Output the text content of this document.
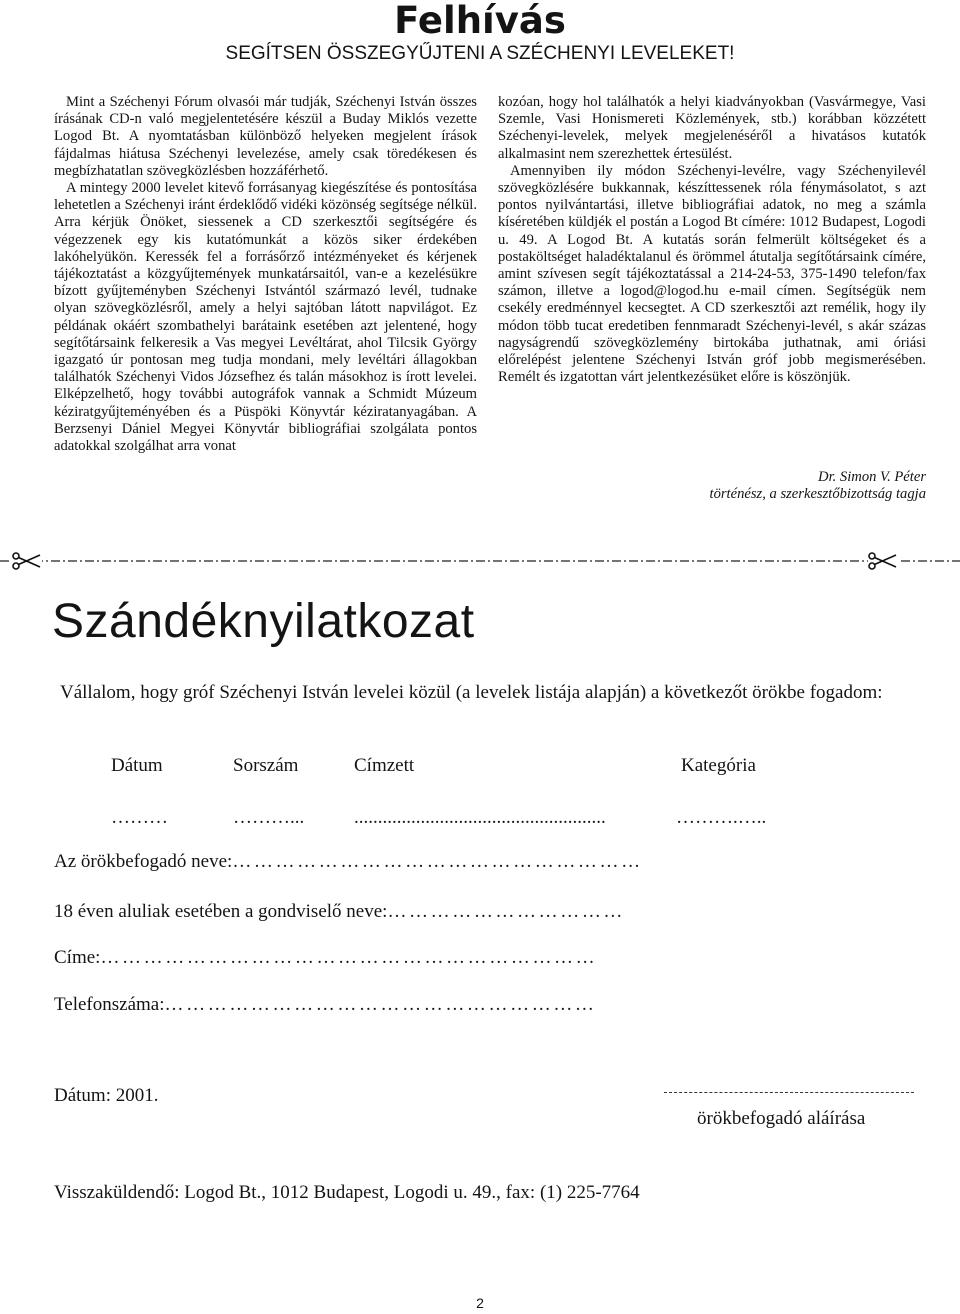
Felhívás
SEGÍTSEN ÖSSZEGYŰJTENI A SZÉCHENYI LEVELEKET!

Mint a Széchenyi Fórum olvasói már tudják, Széchenyi István összes írásának CD-n való megjelentetésére készül a Buday Miklós vezette Logod Bt. A nyomtatásban különböző helyeken megjelent írások fájdalmas hiátusa Széchenyi levelezése, amely csak töredékesen és megbízhatatlan szövegközlésben hozzáférhető.

A mintegy 2000 levelet kitevő forrásanyag kiegészítése és pontosítása lehetetlen a Széchenyi iránt érdeklődő vidéki közönség segítsége nélkül. Arra kérjük Önöket, siessenek a CD szerkesztői segítségére és végezzenek egy kis kutatómunkát a közös siker érdekében lakóhelyükön. Keressék fel a forrásőrző intézményeket és kérjenek tájékoztatást a közgyűjtemények munkatársaitól, van-e a kezelésükre bízott gyűjteményben Széchenyi Istvántól származó levél, tudnake olyan szövegközlésről, amely a helyi sajtóban látott napvilágot. Ez példának okáért szombathelyi barátaink esetében azt jelentené, hogy segítőtársaink felkeresik a Vas megyei Levéltárat, ahol Tilcsik György igazgató úr pontosan meg tudja mondani, mely levéltári állagokban találhatók Széchenyi Vidos Józsefhez és talán másokhoz is írott levelei. Elképzelhető, hogy további autográfok vannak a Schmidt Múzeum kéziratgyűjteményében és a Püspöki Könyvtár kéziratanyagában. A Berzsenyi Dániel Megyei Könyvtár bibliográfiai szolgálata pontos adatokkal szolgálhat arra vonat

kozóan, hogy hol találhatók a helyi kiadványokban (Vasvármegye, Vasi Szemle, Vasi Honismereti Közlemények, stb.) korábban közzétett Széchenyi-levelek, melyek megjelenéséről a hivatásos kutatók alkalmasint nem szerezhettek értesülést.

Amennyiben ily módon Széchenyi-levélre, vagy Széchenyilevél szövegközlésére bukkannak, készíttessenek róla fénymásolatot, s azt pontos nyilvántartási, illetve bibliográfiai adatok, no meg a számla kíséretében küldjék el postán a Logod Bt címére: 1012 Budapest, Logodi u. 49. A Logod Bt. A kutatás során felmerült költségeket és a postaköltséget haladéktalanul és örömmel átutalja segítőtársaink címére, amint szívesen segít tájékoztatással a 214-24-53, 375-1490 telefon/fax számon, illetve a logod@logod.hu e-mail címen. Segítségük nem csekély eredménnyel kecsegtet. A CD szerkesztői azt remélik, hogy ily módon több tucat eredetiben fennmaradt Széchenyi-levél, s akár százas nagyságrendű szövegközlemény birtokába juthatnak, ami óriási előrelépést jelentene Széchenyi István gróf jobb megismerésében. Remélt és izgatottan várt jelentkezésüket előre is köszönjük.

Dr. Simon V. Péter
történész, a szerkesztőbizottság tagja
Szándéknyilatkozat
Vállalom, hogy gróf Széchenyi István levelei közül (a levelek listája alapján) a következőt örökbe fogadom:
Dátum	Sorszám	Címzett	Kategória
………	………...	.....................................................	……….…..
Az örökbefogadó neve:…………………………………………………
18 éven aluliak esetében a gondviselő neve:……………………………
Címe:……………………………………………………………
Telefonszáma:……………………………………………………
Dátum: 2001.
örökbefogadó aláírása
Visszaküldendő: Logod Bt., 1012 Budapest, Logodi u. 49., fax: (1) 225-7764
2
